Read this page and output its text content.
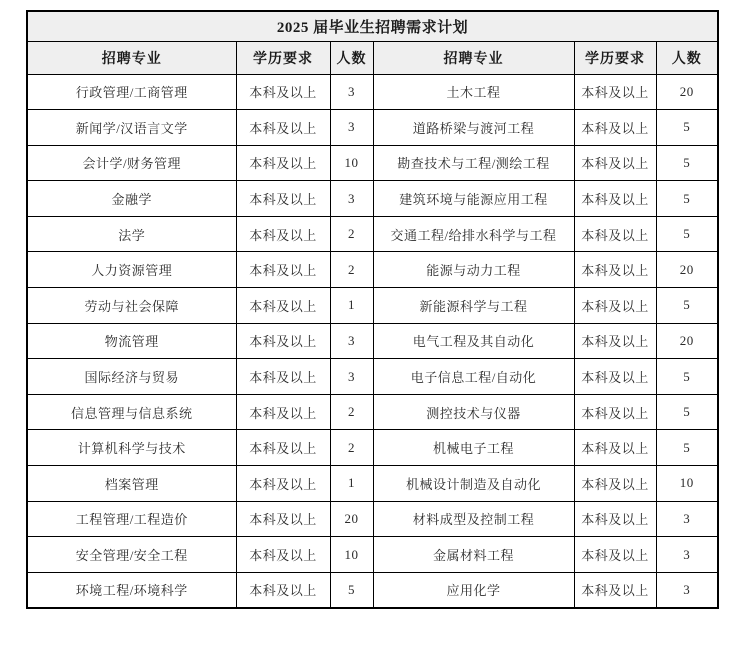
2025 届毕业生招聘需求计划					
招聘专业	学历要求	人数	招聘专业	学历要求	人数
行政管理/工商管理	本科及以上	3	土木工程	本科及以上	20
新闻学/汉语言文学	本科及以上	3	道路桥梁与渡河工程	本科及以上	5
会计学/财务管理	本科及以上	10	勘查技术与工程/测绘工程	本科及以上	5
金融学	本科及以上	3	建筑环境与能源应用工程	本科及以上	5
法学	本科及以上	2	交通工程/给排水科学与工程	本科及以上	5
人力资源管理	本科及以上	2	能源与动力工程	本科及以上	20
劳动与社会保障	本科及以上	1	新能源科学与工程	本科及以上	5
物流管理	本科及以上	3	电气工程及其自动化	本科及以上	20
国际经济与贸易	本科及以上	3	电子信息工程/自动化	本科及以上	5
信息管理与信息系统	本科及以上	2	测控技术与仪器	本科及以上	5
计算机科学与技术	本科及以上	2	机械电子工程	本科及以上	5
档案管理	本科及以上	1	机械设计制造及自动化	本科及以上	10
工程管理/工程造价	本科及以上	20	材料成型及控制工程	本科及以上	3
安全管理/安全工程	本科及以上	10	金属材料工程	本科及以上	3
环境工程/环境科学	本科及以上	5	应用化学	本科及以上	3
